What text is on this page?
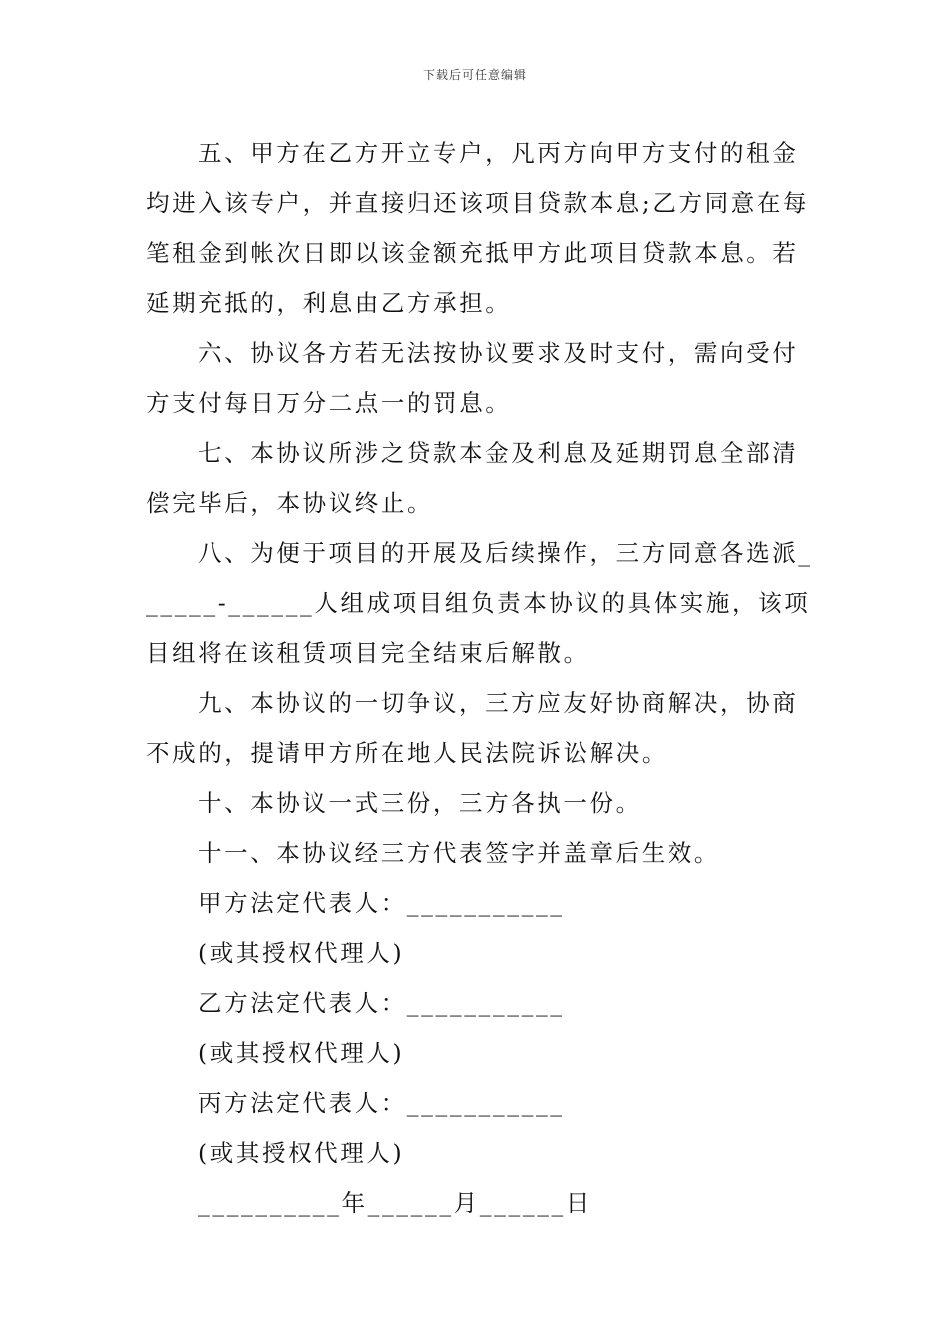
下载后可任意编辑
五、甲方在乙方开立专户，凡丙方向甲方支付的租金
均进入该专户，并直接归还该项目贷款本息;乙方同意在每
笔租金到帐次日即以该金额充抵甲方此项目贷款本息。若
延期充抵的，利息由乙方承担。
六、协议各方若无法按协议要求及时支付，需向受付
方支付每日万分二点一的罚息。
七、本协议所涉之贷款本金及利息及延期罚息全部清
偿完毕后，本协议终止。
八、为便于项目的开展及后续操作，三方同意各选派_
_____-______人组成项目组负责本协议的具体实施，该项
目组将在该租赁项目完全结束后解散。
九、本协议的一切争议，三方应友好协商解决，协商
不成的，提请甲方所在地人民法院诉讼解决。
十、本协议一式三份，三方各执一份。
十一、本协议经三方代表签字并盖章后生效。
甲方法定代表人：___________
(或其授权代理人)
乙方法定代表人：___________
(或其授权代理人)
丙方法定代表人：___________
(或其授权代理人)
__________年______月______日
